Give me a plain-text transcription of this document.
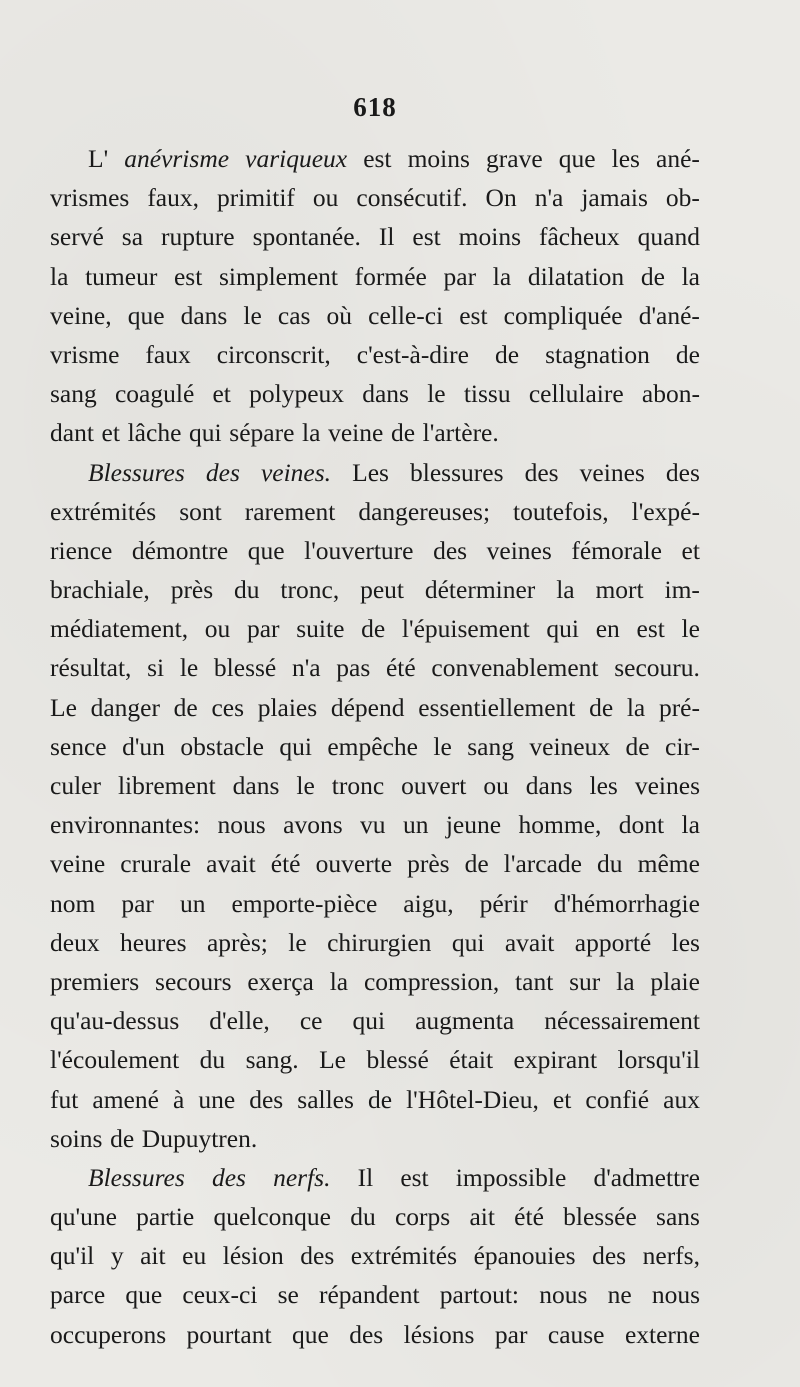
618
L' anévrisme variqueux est moins grave que les ané-
vrismes faux, primitif ou consécutif. On n'a jamais ob-
servé sa rupture spontanée. Il est moins fâcheux quand
la tumeur est simplement formée par la dilatation de la
veine, que dans le cas où celle-ci est compliquée d'ané-
vrisme faux circonscrit, c'est-à-dire de stagnation de
sang coagulé et polypeux dans le tissu cellulaire abon-
dant et lâche qui sépare la veine de l'artère.
Blessures des veines. Les blessures des veines des
extrémités sont rarement dangereuses; toutefois, l'expé-
rience démontre que l'ouverture des veines fémorale et
brachiale, près du tronc, peut déterminer la mort im-
médiatement, ou par suite de l'épuisement qui en est le
résultat, si le blessé n'a pas été convenablement secouru.
Le danger de ces plaies dépend essentiellement de la pré-
sence d'un obstacle qui empêche le sang veineux de cir-
culer librement dans le tronc ouvert ou dans les veines
environnantes: nous avons vu un jeune homme, dont la
veine crurale avait été ouverte près de l'arcade du même
nom par un emporte-pièce aigu, périr d'hémorrhagie
deux heures après; le chirurgien qui avait apporté les
premiers secours exerça la compression, tant sur la plaie
qu'au-dessus d'elle, ce qui augmenta nécessairement
l'écoulement du sang. Le blessé était expirant lorsqu'il
fut amené à une des salles de l'Hôtel-Dieu, et confié aux
soins de Dupuytren.
Blessures des nerfs. Il est impossible d'admettre
qu'une partie quelconque du corps ait été blessée sans
qu'il y ait eu lésion des extrémités épanouies des nerfs,
parce que ceux-ci se répandent partout: nous ne nous
occuperons pourtant que des lésions par cause externe
